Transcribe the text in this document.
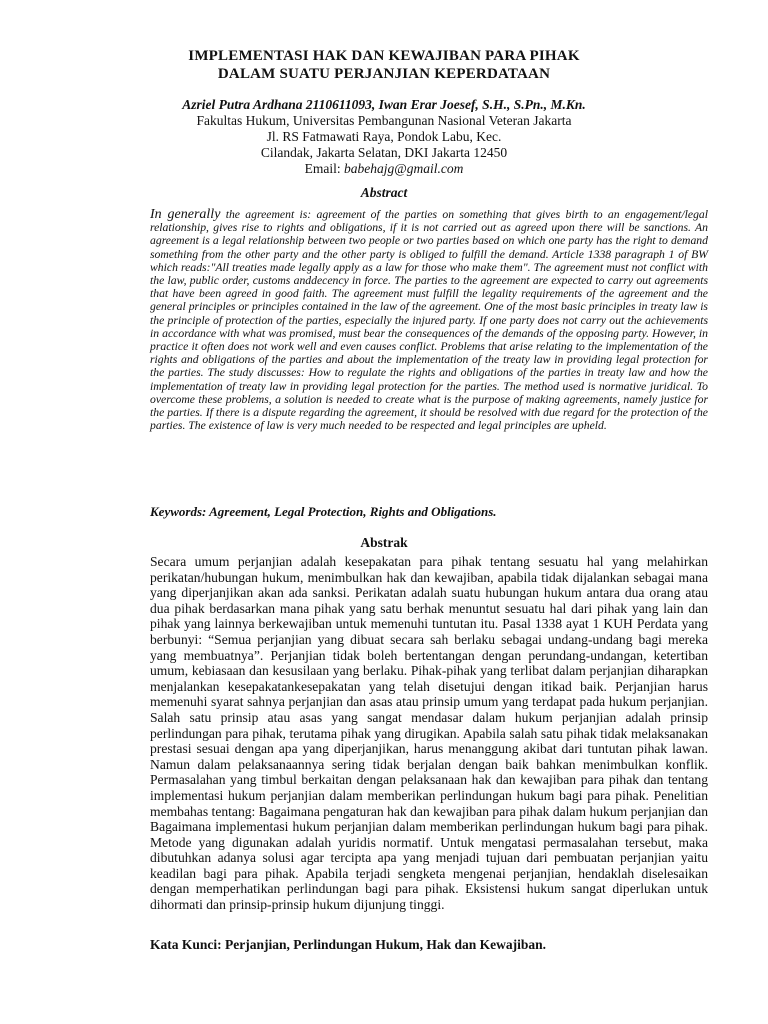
IMPLEMENTASI HAK DAN KEWAJIBAN PARA PIHAK
DALAM SUATU PERJANJIAN KEPERDATAAN
Azriel Putra Ardhana 2110611093, Iwan Erar Joesef, S.H., S.Pn., M.Kn.
Fakultas Hukum, Universitas Pembangunan Nasional Veteran Jakarta
Jl. RS Fatmawati Raya, Pondok Labu, Kec.
Cilandak, Jakarta Selatan, DKI Jakarta 12450
Email: babehajg@gmail.com
Abstract
In generally the agreement is: agreement of the parties on something that gives birth to an engagement/legal relationship, gives rise to rights and obligations, if it is not carried out as agreed upon there will be sanctions. An agreement is a legal relationship between two people or two parties based on which one party has the right to demand something from the other party and the other party is obliged to fulfill the demand. Article 1338 paragraph 1 of BW which reads:"All treaties made legally apply as a law for those who make them". The agreement must not conflict with the law, public order, customs anddecency in force. The parties to the agreement are expected to carry out agreements that have been agreed in good faith. The agreement must fulfill the legality requirements of the agreement and the general principles or principles contained in the law of the agreement. One of the most basic principles in treaty law is the principle of protection of the parties, especially the injured party. If one party does not carry out the achievements in accordance with what was promised, must bear the consequences of the demands of the opposing party. However, in practice it often does not work well and even causes conflict. Problems that arise relating to the implementation of the rights and obligations of the parties and about the implementation of the treaty law in providing legal protection for the parties. The study discusses: How to regulate the rights and obligations of the parties in treaty law and how the implementation of treaty law in providing legal protection for the parties. The method used is normative juridical. To overcome these problems, a solution is needed to create what is the purpose of making agreements, namely justice for the parties. If there is a dispute regarding the agreement, it should be resolved with due regard for the protection of the parties. The existence of law is very much needed to be respected and legal principles are upheld.
Keywords: Agreement, Legal Protection, Rights and Obligations.
Abstrak
Secara umum perjanjian adalah kesepakatan para pihak tentang sesuatu hal yang melahirkan perikatan/hubungan hukum, menimbulkan hak dan kewajiban, apabila tidak dijalankan sebagai mana yang diperjanjikan akan ada sanksi. Perikatan adalah suatu hubungan hukum antara dua orang atau dua pihak berdasarkan mana pihak yang satu berhak menuntut sesuatu hal dari pihak yang lain dan pihak yang lainnya berkewajiban untuk memenuhi tuntutan itu. Pasal 1338 ayat 1 KUH Perdata yang berbunyi: “Semua perjanjian yang dibuat secara sah berlaku sebagai undang-undang bagi mereka yang membuatnya”. Perjanjian tidak boleh bertentangan dengan perundang-undangan, ketertiban umum, kebiasaan dan kesusilaan yang berlaku. Pihak-pihak yang terlibat dalam perjanjian diharapkan menjalankan kesepakatankesepakatan yang telah disetujui dengan itikad baik. Perjanjian harus memenuhi syarat sahnya perjanjian dan asas atau prinsip umum yang terdapat pada hukum perjanjian. Salah satu prinsip atau asas yang sangat mendasar dalam hukum perjanjian adalah prinsip perlindungan para pihak, terutama pihak yang dirugikan. Apabila salah satu pihak tidak melaksanakan prestasi sesuai dengan apa yang diperjanjikan, harus menanggung akibat dari tuntutan pihak lawan. Namun dalam pelaksanaannya sering tidak berjalan dengan baik bahkan menimbulkan konflik. Permasalahan yang timbul berkaitan dengan pelaksanaan hak dan kewajiban para pihak dan tentang implementasi hukum perjanjian dalam memberikan perlindungan hukum bagi para pihak. Penelitian membahas tentang: Bagaimana pengaturan hak dan kewajiban para pihak dalam hukum perjanjian dan Bagaimana implementasi hukum perjanjian dalam memberikan perlindungan hukum bagi para pihak. Metode yang digunakan adalah yuridis normatif. Untuk mengatasi permasalahan tersebut, maka dibutuhkan adanya solusi agar tercipta apa yang menjadi tujuan dari pembuatan perjanjian yaitu keadilan bagi para pihak. Apabila terjadi sengketa mengenai perjanjian, hendaklah diselesaikan dengan memperhatikan perlindungan bagi para pihak. Eksistensi hukum sangat diperlukan untuk dihormati dan prinsip-prinsip hukum dijunjung tinggi.
Kata Kunci: Perjanjian, Perlindungan Hukum, Hak dan Kewajiban.
